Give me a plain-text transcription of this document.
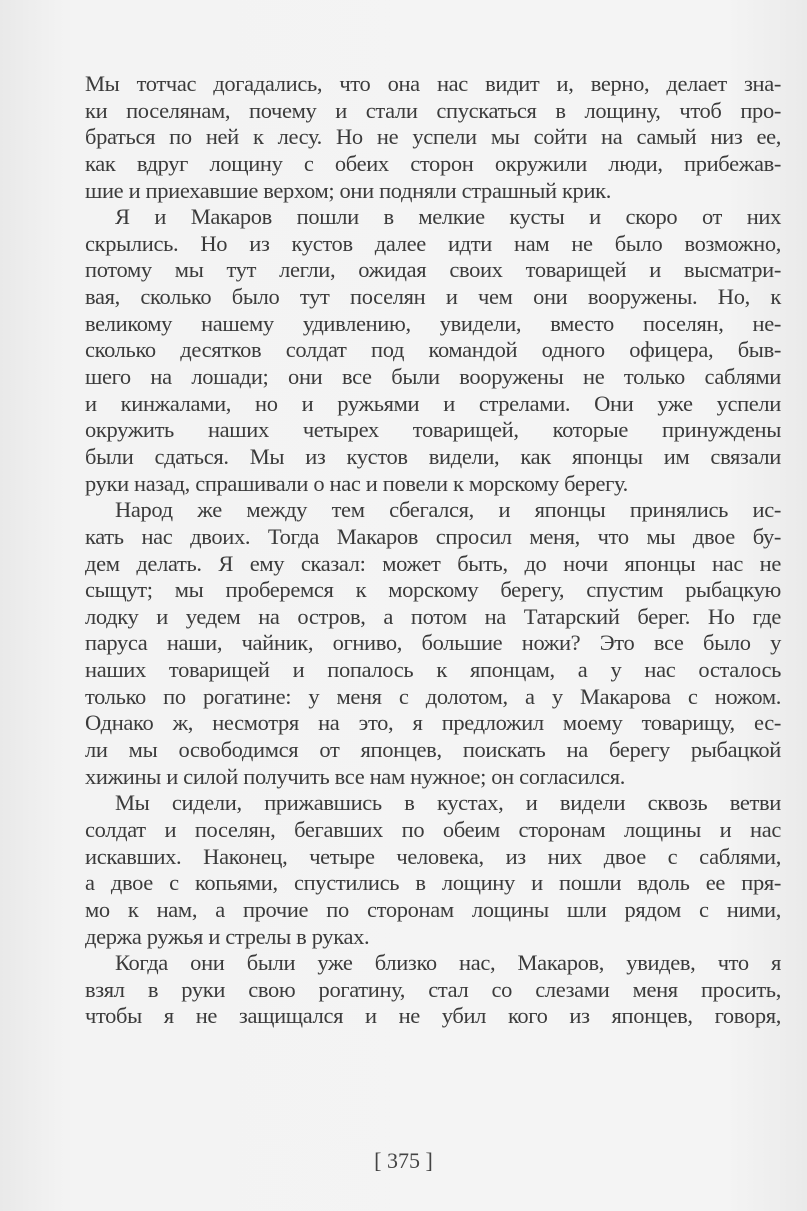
Мы тотчас догадались, что она нас видит и, верно, делает зна-
ки поселянам, почему и стали спускаться в лощину, чтоб про-
браться по ней к лесу. Но не успели мы сойти на самый низ ее,
как вдруг лощину с обеих сторон окружили люди, прибежав-
шие и приехавшие верхом; они подняли страшный крик.
Я и Макаров пошли в мелкие кусты и скоро от них
скрылись. Но из кустов далее идти нам не было возможно,
потому мы тут легли, ожидая своих товарищей и высматри-
вая, сколько было тут поселян и чем они вооружены. Но, к
великому нашему удивлению, увидели, вместо поселян, не-
сколько десятков солдат под командой одного офицера, быв-
шего на лошади; они все были вооружены не только саблями
и кинжалами, но и ружьями и стрелами. Они уже успели
окружить наших четырех товарищей, которые принуждены
были сдаться. Мы из кустов видели, как японцы им связали
руки назад, спрашивали о нас и повели к морскому берегу.
Народ же между тем сбегался, и японцы принялись ис-
кать нас двоих. Тогда Макаров спросил меня, что мы двое бу-
дем делать. Я ему сказал: может быть, до ночи японцы нас не
сыщут; мы проберемся к морскому берегу, спустим рыбацкую
лодку и уедем на остров, а потом на Татарский берег. Но где
паруса наши, чайник, огниво, большие ножи? Это все было у
наших товарищей и попалось к японцам, а у нас осталось
только по рогатине: у меня с долотом, а у Макарова с ножом.
Однако ж, несмотря на это, я предложил моему товарищу, ес-
ли мы освободимся от японцев, поискать на берегу рыбацкой
хижины и силой получить все нам нужное; он согласился.
Мы сидели, прижавшись в кустах, и видели сквозь ветви
солдат и поселян, бегавших по обеим сторонам лощины и нас
искавших. Наконец, четыре человека, из них двое с саблями,
а двое с копьями, спустились в лощину и пошли вдоль ее пря-
мо к нам, а прочие по сторонам лощины шли рядом с ними,
держа ружья и стрелы в руках.
Когда они были уже близко нас, Макаров, увидев, что я
взял в руки свою рогатину, стал со слезами меня просить,
чтобы я не защищался и не убил кого из японцев, говоря,
[ 375 ]
